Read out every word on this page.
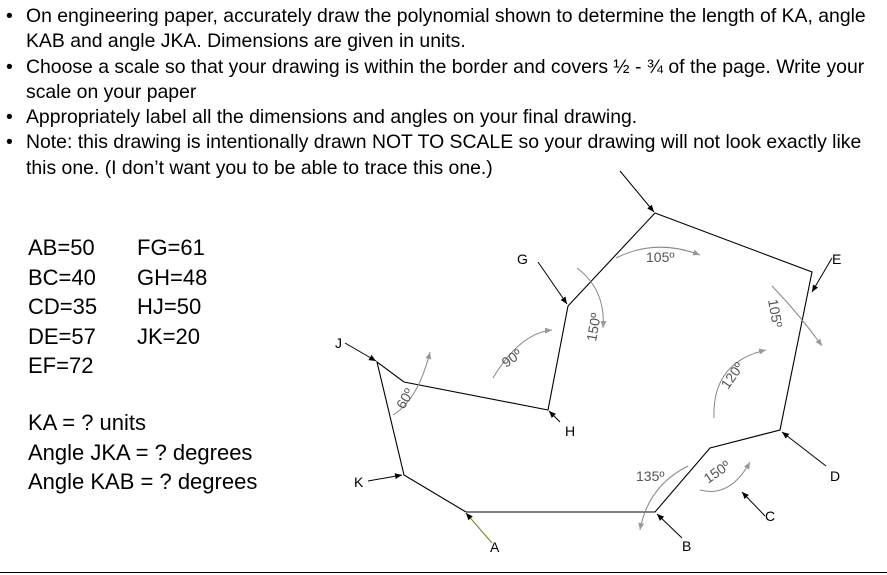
• On engineering paper, accurately draw the polynomial shown to determine the length of KA, angle KAB and angle JKA. Dimensions are given in units.
• Choose a scale so that your drawing is within the border and covers ½ - ¾ of the page. Write your scale on your paper
• Appropriately label all the dimensions and angles on your final drawing.
• Note: this drawing is intentionally drawn NOT TO SCALE so your drawing will not look exactly like this one. (I don’t want you to be able to trace this one.)
AB=50
BC=40
CD=35
DE=57
EF=72
FG=61
GH=48
HJ=50
JK=20
KA = ? units
Angle JKA = ? degrees
Angle KAB = ? degrees
A	B
C
D
E
G
H
J
K
105º
150º
90º
60º
105º
120º
135º	150º
